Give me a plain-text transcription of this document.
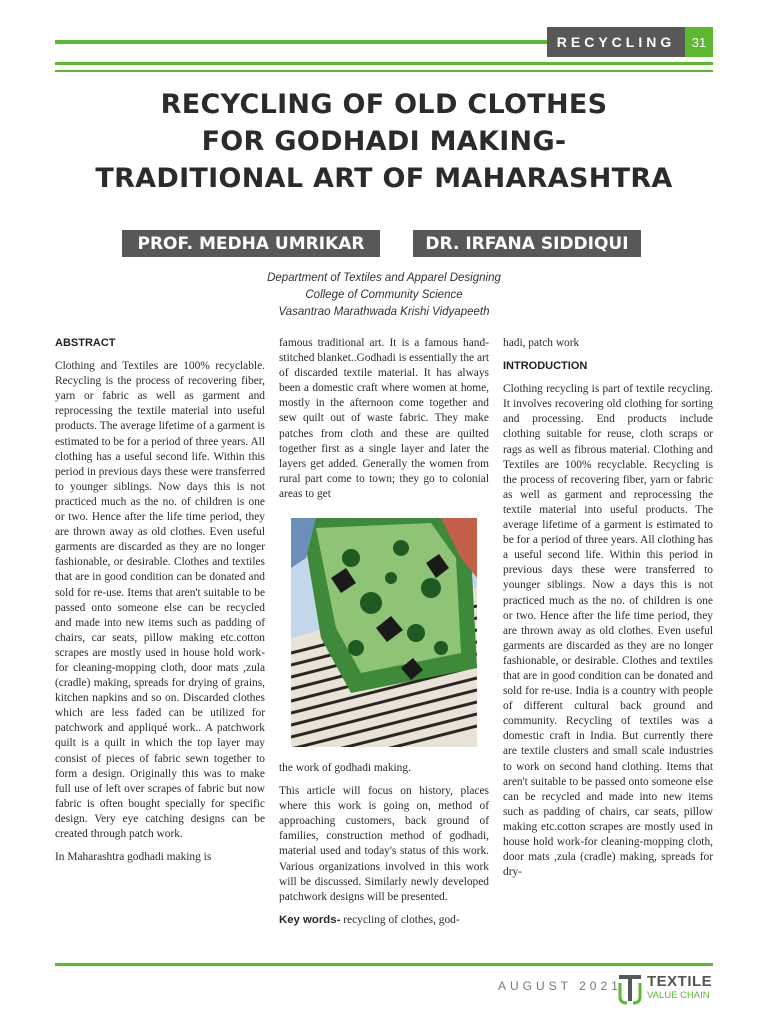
RECYCLING	31
RECYCLING OF OLD CLOTHES
FOR GODHADI MAKING-
TRADITIONAL ART OF MAHARASHTRA
PROF. MEDHA UMRIKAR	DR. IRFANA SIDDIQUI
Department of Textiles and Apparel Designing
College of Community Science
Vasantrao Marathwada Krishi Vidyapeeth
ABSTRACT

Clothing and Textiles are 100% recyclable. Recycling is the process of recovering fiber, yarn or fabric as well as garment and reprocessing the textile material into useful products. The average lifetime of a garment is estimated to be for a period of three years. All clothing has a useful second life. Within this period in previous days these were transferred to younger siblings. Now days this is not practiced much as the no. of children is one or two. Hence after the life time period, they are thrown away as old clothes. Even useful garments are discarded as they are no longer fashionable, or desirable. Clothes and textiles that are in good condition can be donated and sold for re-use. Items that aren't suitable to be passed onto someone else can be recycled and made into new items such as padding of chairs, car seats, pillow making etc.cotton scrapes are mostly used in house hold work-for cleaning-mopping cloth, door mats ,zula (cradle) making, spreads for drying of grains, kitchen napkins and so on. Discarded clothes which are less faded can be utilized for patchwork and appliqué work.. A patchwork quilt is a quilt in which the top layer may consist of pieces of fabric sewn together to form a design. Originally this was to make full use of left over scrapes of fabric but now fabric is often bought specially for specific design. Very eye catching designs can be created through patch work.

In Maharashtra godhadi making is

famous traditional art. It is a famous hand-stitched blanket..Godhadi is essentially the art of discarded textile material. It has always been a domestic craft where women at home, mostly in the afternoon come together and sew quilt out of waste fabric. They make patches from cloth and these are quilted together first as a single layer and later the layers get added. Generally the women from rural part come to town; they go to colonial areas to get

the work of godhadi making.

This article will focus on history, places where this work is going on, method of approaching customers, back ground of families, construction method of godhadi, material used and today's status of this work. Various organizations involved in this work will be discussed. Similarly newly developed patchwork designs will be presented.

Key words- recycling of clothes, god-

hadi, patch work

INTRODUCTION

Clothing recycling is part of textile recycling. It involves recovering old clothing for sorting and processing. End products include clothing suitable for reuse, cloth scraps or rags as well as fibrous material. Clothing and Textiles are 100% recyclable. Recycling is the process of recovering fiber, yarn or fabric as well as garment and reprocessing the textile material into useful products. The average lifetime of a garment is estimated to be for a period of three years. All clothing has a useful second life. Within this period in previous days these were transferred to younger siblings. Now a days this is not practiced much as the no. of children is one or two. Hence after the life time period, they are thrown away as old clothes. Even useful garments are discarded as they are no longer fashionable, or desirable. Clothes and textiles that are in good condition can be donated and sold for re-use. India is a country with people of different cultural back ground and community. Recycling of textiles was a domestic craft in India. But currently there are textile clusters and small scale industries to work on second hand clothing. Items that aren't suitable to be passed onto someone else can be recycled and made into new items such as padding of chairs, car seats, pillow making etc.cotton scrapes are mostly used in house hold work-for cleaning-mopping cloth, door mats ,zula (cradle) making, spreads for dry-

AUGUST 2021 TEXTILE
VALUE CHAIN
